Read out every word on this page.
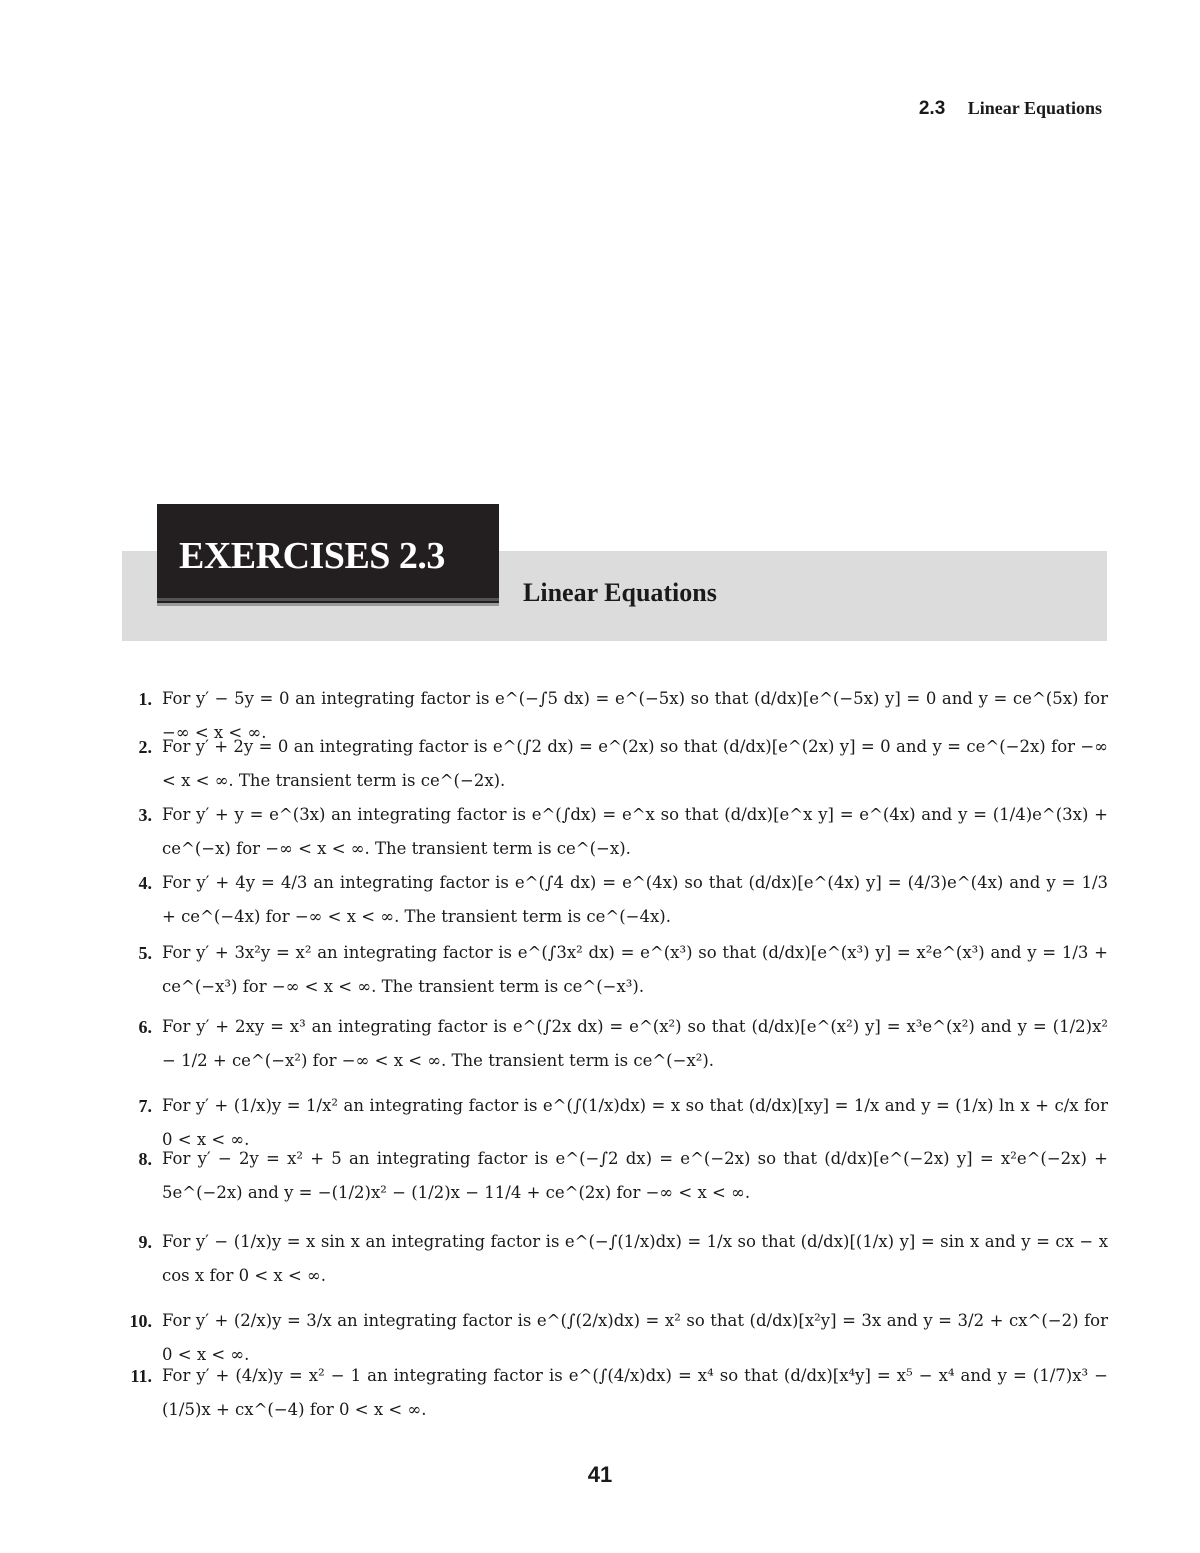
2.3 Linear Equations
EXERCISES 2.3
Linear Equations
1. For y′ − 5y = 0 an integrating factor is e^(−∫5 dx) = e^(−5x) so that (d/dx)[e^(−5x) y] = 0 and y = ce^(5x) for −∞ < x < ∞.
2. For y′ + 2y = 0 an integrating factor is e^(∫2 dx) = e^(2x) so that (d/dx)[e^(2x) y] = 0 and y = ce^(−2x) for −∞ < x < ∞. The transient term is ce^(−2x).
3. For y′ + y = e^(3x) an integrating factor is e^(∫dx) = e^x so that (d/dx)[e^x y] = e^(4x) and y = (1/4)e^(3x) + ce^(−x) for −∞ < x < ∞. The transient term is ce^(−x).
4. For y′ + 4y = 4/3 an integrating factor is e^(∫4 dx) = e^(4x) so that (d/dx)[e^(4x) y] = (4/3)e^(4x) and y = 1/3 + ce^(−4x) for −∞ < x < ∞. The transient term is ce^(−4x).
5. For y′ + 3x²y = x² an integrating factor is e^(∫3x² dx) = e^(x³) so that (d/dx)[e^(x³) y] = x²e^(x³) and y = 1/3 + ce^(−x³) for −∞ < x < ∞. The transient term is ce^(−x³).
6. For y′ + 2xy = x³ an integrating factor is e^(∫2x dx) = e^(x²) so that (d/dx)[e^(x²) y] = x³e^(x²) and y = (1/2)x² − 1/2 + ce^(−x²) for −∞ < x < ∞. The transient term is ce^(−x²).
7. For y′ + (1/x)y = 1/x² an integrating factor is e^(∫(1/x)dx) = x so that (d/dx)[xy] = 1/x and y = (1/x) ln x + c/x for 0 < x < ∞.
8. For y′ − 2y = x² + 5 an integrating factor is e^(−∫2 dx) = e^(−2x) so that (d/dx)[e^(−2x) y] = x²e^(−2x) + 5e^(−2x) and y = −(1/2)x² − (1/2)x − 11/4 + ce^(2x) for −∞ < x < ∞.
9. For y′ − (1/x)y = x sin x an integrating factor is e^(−∫(1/x)dx) = 1/x so that (d/dx)[(1/x) y] = sin x and y = cx − x cos x for 0 < x < ∞.
10. For y′ + (2/x)y = 3/x an integrating factor is e^(∫(2/x)dx) = x² so that (d/dx)[x²y] = 3x and y = 3/2 + cx^(−2) for 0 < x < ∞.
11. For y′ + (4/x)y = x² − 1 an integrating factor is e^(∫(4/x)dx) = x⁴ so that (d/dx)[x⁴y] = x⁵ − x⁴ and y = (1/7)x³ − (1/5)x + cx^(−4) for 0 < x < ∞.
41
